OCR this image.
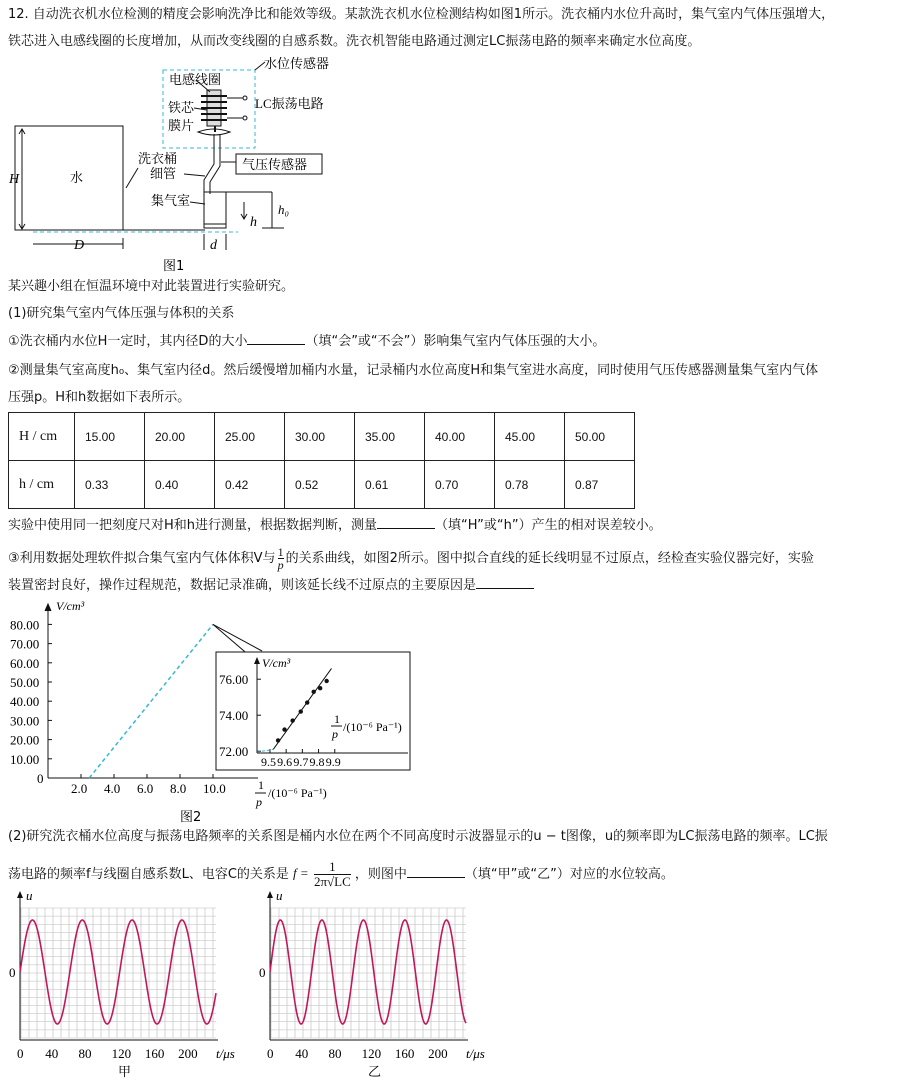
12. 自动洗衣机水位检测的精度会影响洗净比和能效等级。某款洗衣机水位检测结构如图1所示。洗衣桶内水位升高时，集气室内气体压强增大，
铁芯进入电感线圈的长度增加，从而改变线圈的自感系数。洗衣机智能电路通过测定LC振荡电路的频率来确定水位高度。
水位传感器
电感线圈
LC振荡电路
铁芯
膜片
细管
气压传感器
集气室
水
洗衣桶
H
D	d
h
h₀
图1
某兴趣小组在恒温环境中对此装置进行实验研究。
(1)研究集气室内气体压强与体积的关系
①洗衣桶内水位H一定时，其内径D的大小	（填“会”或“不会”）影响集气室内气体压强的大小。
②测量集气室高度h₀、集气室内径d。然后缓慢增加桶内水量，记录桶内水位高度H和集气室进水高度，同时使用气压传感器测量集气室内气体
压强p。H和h数据如下表所示。
H / cm	15.00	20.00	25.00	30.00	35.00	40.00	45.00	50.00
h / cm	0.33	0.40	0.42	0.52	0.61	0.70	0.78	0.87
实验中使用同一把刻度尺对H和h进行测量，根据数据判断，测量	（填“H”或“h”）产生的相对误差较小。
③利用数据处理软件拟合集气室内气体体积V与 $\frac{1}{p}$ 的关系曲线，如图2所示。图中拟合直线的延长线明显不过原点，经检查实验仪器完好，实验
装置密封良好，操作过程规范，数据记录准确，则该延长线不过原点的主要原因是
V/cm³
0
10.00
20.00
30.00
40.00
50.00
60.00
70.00
80.00
2.0 4.0 6.0 8.0 10.0	1
p
/(10⁻⁶ Pa⁻¹)
图2
V/cm³
72.00
74.00
76.00
9.5 9.6 9.7 9.8 9.9
1
p /(10⁻⁶ Pa⁻¹)
(2)研究洗衣桶水位高度与振荡电路频率的关系图是桶内水位在两个不同高度时示波器显示的u − t图像，u的频率即为LC振荡电路的频率。LC振
荡电路的频率f与线圈自感系数L、电容C的关系是 $f = \frac{1}{2\pi√LC}$ ，则图中	（填“甲”或“乙”）对应的水位较高。
u
0
0 40 80 120 160 200 t/μs
甲
u
0
0 40 80 120 160 200 t/μs
乙
